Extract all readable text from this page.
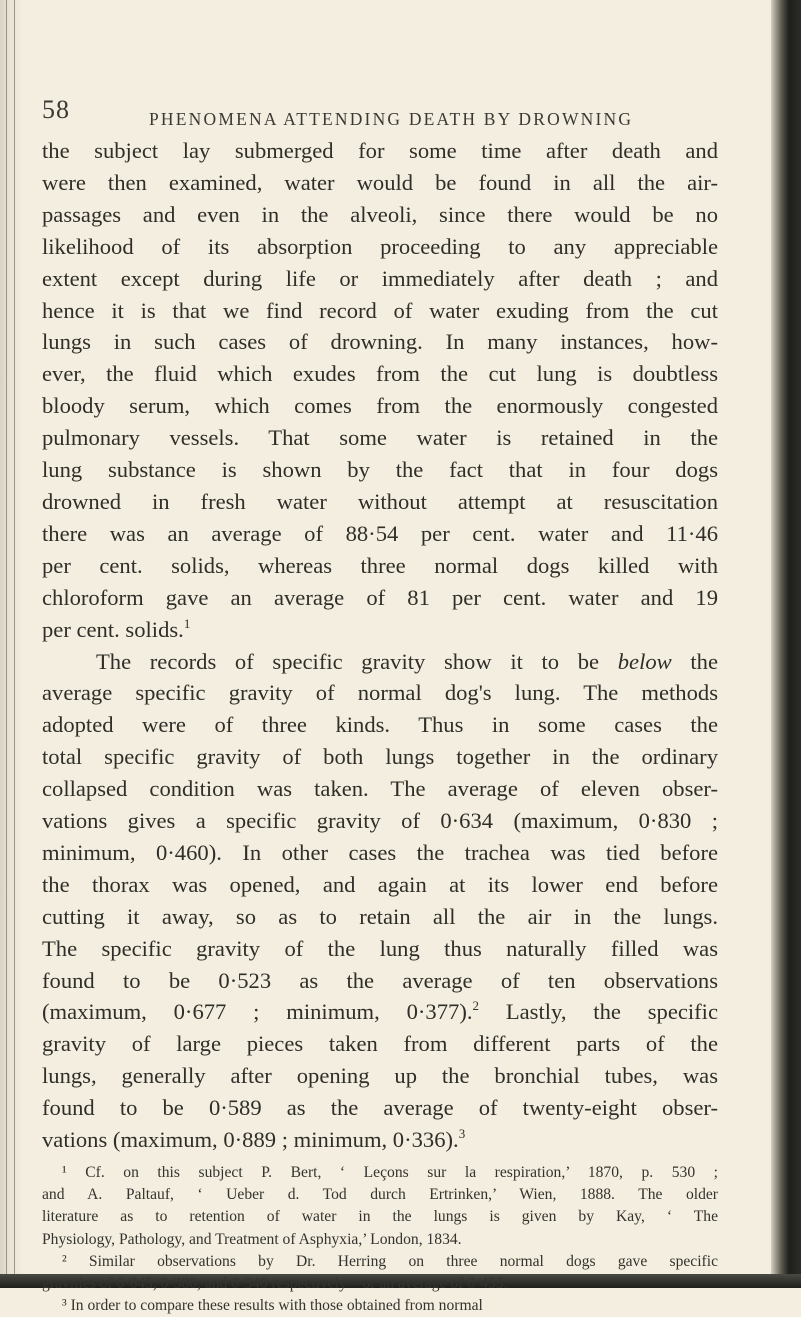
58	PHENOMENA ATTENDING DEATH BY DROWNING
the subject lay submerged for some time after death and
were then examined, water would be found in all the air-
passages and even in the alveoli, since there would be no
likelihood of its absorption proceeding to any appreciable
extent except during life or immediately after death ; and
hence it is that we find record of water exuding from the cut
lungs in such cases of drowning. In many instances, how-
ever, the fluid which exudes from the cut lung is doubtless
bloody serum, which comes from the enormously congested
pulmonary vessels. That some water is retained in the
lung substance is shown by the fact that in four dogs
drowned in fresh water without attempt at resuscitation
there was an average of 88·54 per cent. water and 11·46
per cent. solids, whereas three normal dogs killed with
chloroform gave an average of 81 per cent. water and 19
per cent. solids.$^1$
The records of specific gravity show it to be below the
average specific gravity of normal dog's lung. The methods
adopted were of three kinds. Thus in some cases the
total specific gravity of both lungs together in the ordinary
collapsed condition was taken. The average of eleven obser-
vations gives a specific gravity of 0·634 (maximum, 0·830 ;
minimum, 0·460). In other cases the trachea was tied before
the thorax was opened, and again at its lower end before
cutting it away, so as to retain all the air in the lungs.
The specific gravity of the lung thus naturally filled was
found to be 0·523 as the average of ten observations
(maximum, 0·677 ; minimum, 0·377).$^2$ Lastly, the specific
gravity of large pieces taken from different parts of the
lungs, generally after opening up the bronchial tubes, was
found to be 0·589 as the average of twenty-eight obser-
vations (maximum, 0·889 ; minimum, 0·336).$^3$
¹ Cf. on this subject P. Bert, ‘ Leçons sur la respiration,’ 1870, p. 530 ;
and A. Paltauf, ‘ Ueber d. Tod durch Ertrinken,’ Wien, 1888. The older
literature as to retention of water in the lungs is given by Kay, ‘ The
Physiology, Pathology, and Treatment of Asphyxia,’ London, 1834.
² Similar observations by Dr. Herring on three normal dogs gave specific
gravities of 0·645, 0·380, and 0·340 respectively—or an average of 0·455.
³ In order to compare these results with those obtained from normal
